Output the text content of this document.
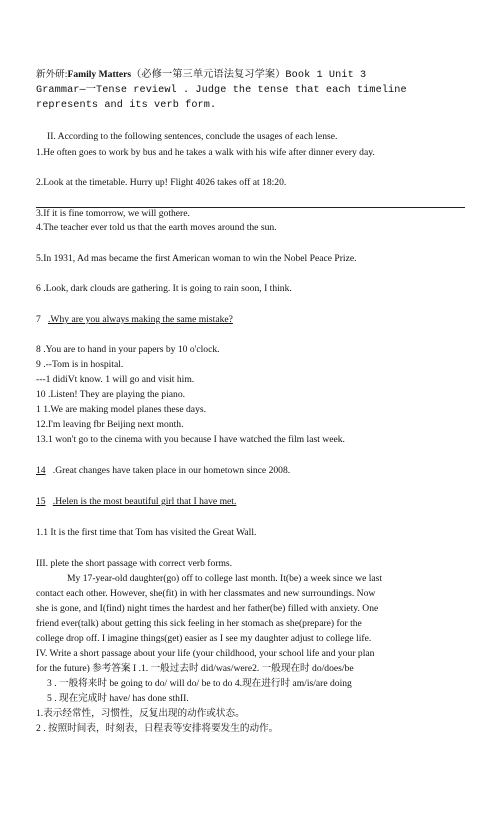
新外研:Family Matters（必修一第三单元语法复习学案）Book 1 Unit 3
Grammar—一Tense reviewl . Judge the tense that each timeline
represents and its verb form.
II. According to the following sentences, conclude the usages of each lense.
1.He often goes to work by bus and he takes a walk with his wife after dinner every day.
2.Look at the timetable. Hurry up! Flight 4026 takes off at 18:20.
3.If it is fine tomorrow, we will gothere.
4.The teacher ever told us that the earth moves around the sun.
5.In 1931, Ad mas became the first American woman to win the Nobel Peace Prize.
6 .Look, dark clouds are gathering. It is going to rain soon, I think.
7 .Why are you always making the same mistake?
8 .You are to hand in your papers by 10 o'clock.
9 .--Tom is in hospital.
---1 didiVt know. 1 will go and visit him.
10 .Listen! They are playing the piano.
1 1.We are making model planes these days.
12.I'm leaving fbr Beijing next month.
13.1 won't go to the cinema with you because I have watched the film last week.
14 .Great changes have taken place in our hometown since 2008.
15 .Helen is the most beautiful girl that I have met.
1.1 It is the first time that Tom has visited the Great Wall.
III. plete the short passage with correct verb forms.
My 17-year-old daughter(go) off to college last month. It(be) a week since we last
contact each other. However, she(fit) in with her classmates and new surroundings. Now
she is gone, and I(find) night times the hardest and her father(be) filled with anxiety. One
friend ever(talk) about getting this sick feeling in her stomach as she(prepare) for the
college drop off. I imagine things(get) easier as I see my daughter adjust to college life.
IV. Write a short passage about your life (your childhood, your school life and your plan
for the future) 参考答案 I .1. 一般过去时 did/was/were2. 一般现在时 do/does/be
3 . 一般将来时 be going to do/ will do/ be to do 4.现在进行时 am/is/are doing
5 . 现在完成时 have/ has done sthII.
1.表示经常性，习惯性，反复出现的动作或状态。
2 . 按照时间表，时刻表，日程表等安排将要发生的动作。
